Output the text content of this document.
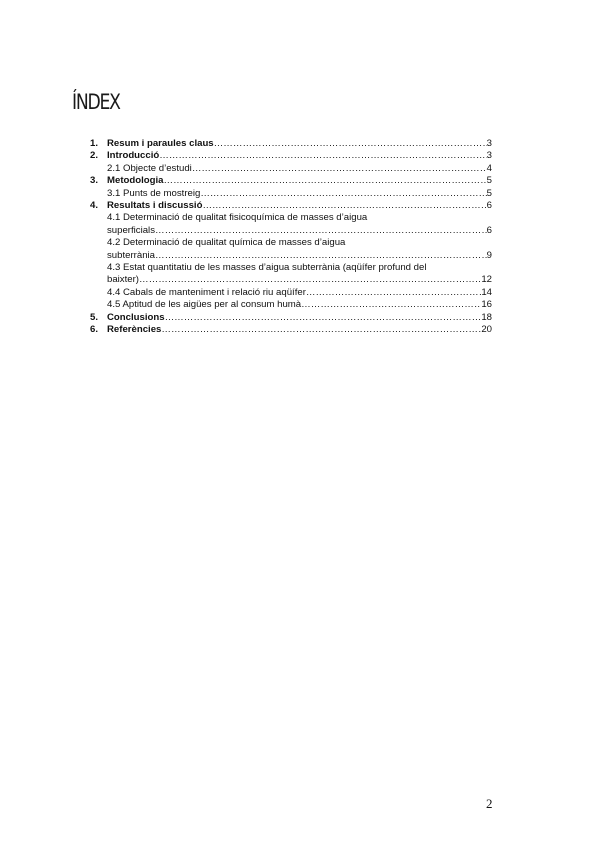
ÍNDEX
1. Resum i paraules claus …………………………………………………………………………………………………………………………………………………………………………………	3
2. Introducció …………………………………………………………………………………………………………………………………………………………………………………	3
2.1 Objecte d’estudi …………………………………………………………………………………………………………………………………………………………………………………	4
3. Metodologia …………………………………………………………………………………………………………………………………………………………………………………	5
3.1 Punts de mostreig …………………………………………………………………………………………………………………………………………………………………………………	5
4. Resultats i discussió …………………………………………………………………………………………………………………………………………………………………………………	6
4.1 Determinació de qualitat fisicoquímica de masses d’aigua
superficials …………………………………………………………………………………………………………………………………………………………………………………	6
4.2 Determinació de qualitat química de masses d’aigua
subterrània …………………………………………………………………………………………………………………………………………………………………………………	9
4.3 Estat quantitatiu de les masses d’aigua subterrània (aqüífer profund del
baixter) …………………………………………………………………………………………………………………………………………………………………………………	12
4.4 Cabals de manteniment i relació riu aqüífer …………………………………………………………………………………………………………………………………………………………………………………	14
4.5 Aptitud de les aigües per al consum humà …………………………………………………………………………………………………………………………………………………………………………………	16
5. Conclusions …………………………………………………………………………………………………………………………………………………………………………………	18
6. Referències …………………………………………………………………………………………………………………………………………………………………………………	20
2
